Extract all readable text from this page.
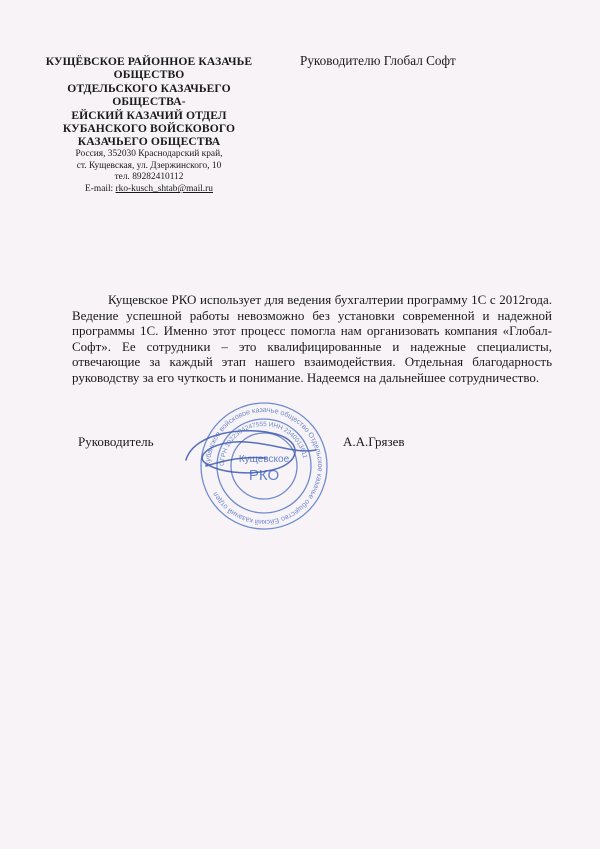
КУЩЁВСКОЕ РАЙОННОЕ КАЗАЧЬЕ
ОБЩЕСТВО
ОТДЕЛЬСКОГО КАЗАЧЬЕГО
ОБЩЕСТВА-
ЕЙСКИЙ КАЗАЧИЙ ОТДЕЛ
КУБАНСКОГО ВОЙСКОВОГО
КАЗАЧЬЕГО ОБЩЕСТВА
Россия, 352030 Краснодарский край,
ст. Кущевская, ул. Дзержинского, 10
тел. 89282410112
E-mail: rko-kusch_shtab@mail.ru
Руководителю Глобал Софт
Кущевское РКО использует для ведения бухгалтерии программу 1С с 2012года. Ведение успешной работы невозможно без установки современной и надежной программы 1С. Именно этот процесс помогла нам организовать компания «Глобал-Софт». Ее сотрудники – это квалифицированные и надежные специалисты, отвечающие за каждый этап нашего взаимодействия. Отдельная благодарность руководству за его чуткость и понимание. Надеемся на дальнейшее сотрудничество.
Кубанское войсковое казачье общество Отдельское казачье общество Ейский казачий отдел
ОГРН 1022304247555 ИНН 2340013611
Кущевское
РКО
Руководитель	А.А.Грязев
